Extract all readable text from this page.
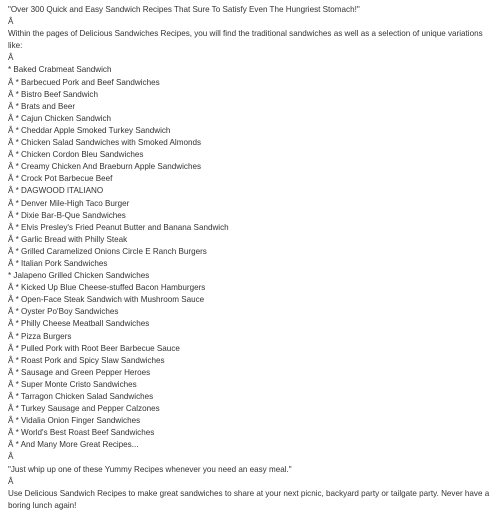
"Over 300 Quick and Easy Sandwich Recipes That Sure To Satisfy Even The Hungriest Stomach!"
Â
Within the pages of Delicious Sandwiches Recipes, you will find the traditional sandwiches as well as a selection of unique variations like:
Â
* Baked Crabmeat Sandwich
Â * Barbecued Pork and Beef Sandwiches
Â * Bistro Beef Sandwich
Â * Brats and Beer
Â * Cajun Chicken Sandwich
Â * Cheddar Apple Smoked Turkey Sandwich
Â * Chicken Salad Sandwiches with Smoked Almonds
Â * Chicken Cordon Bleu Sandwiches
Â * Creamy Chicken And Braeburn Apple Sandwiches
Â * Crock Pot Barbecue Beef
Â * DAGWOOD ITALIANO
Â * Denver Mile-High Taco Burger
Â * Dixie Bar-B-Que Sandwiches
Â * Elvis Presley's Fried Peanut Butter and Banana Sandwich
Â * Garlic Bread with Philly Steak
Â * Grilled Caramelized Onions Circle E Ranch Burgers
Â * Italian Pork Sandwiches
* Jalapeno Grilled Chicken Sandwiches
Â * Kicked Up Blue Cheese-stuffed Bacon Hamburgers
Â * Open-Face Steak Sandwich with Mushroom Sauce
Â * Oyster Po'Boy Sandwiches
Â * Philly Cheese Meatball Sandwiches
Â * Pizza Burgers
Â * Pulled Pork with Root Beer Barbecue Sauce
Â * Roast Pork and Spicy Slaw Sandwiches
Â * Sausage and Green Pepper Heroes
Â * Super Monte Cristo Sandwiches
Â * Tarragon Chicken Salad Sandwiches
Â * Turkey Sausage and Pepper Calzones
Â * Vidalia Onion Finger Sandwiches
Â * World's Best Roast Beef Sandwiches
Â * And Many More Great Recipes...
Â
"Just whip up one of these Yummy Recipes whenever you need an easy meal."
Â
Use Delicious Sandwich Recipes to make great sandwiches to share at your next picnic, backyard party or tailgate party. Never have a boring lunch again!
